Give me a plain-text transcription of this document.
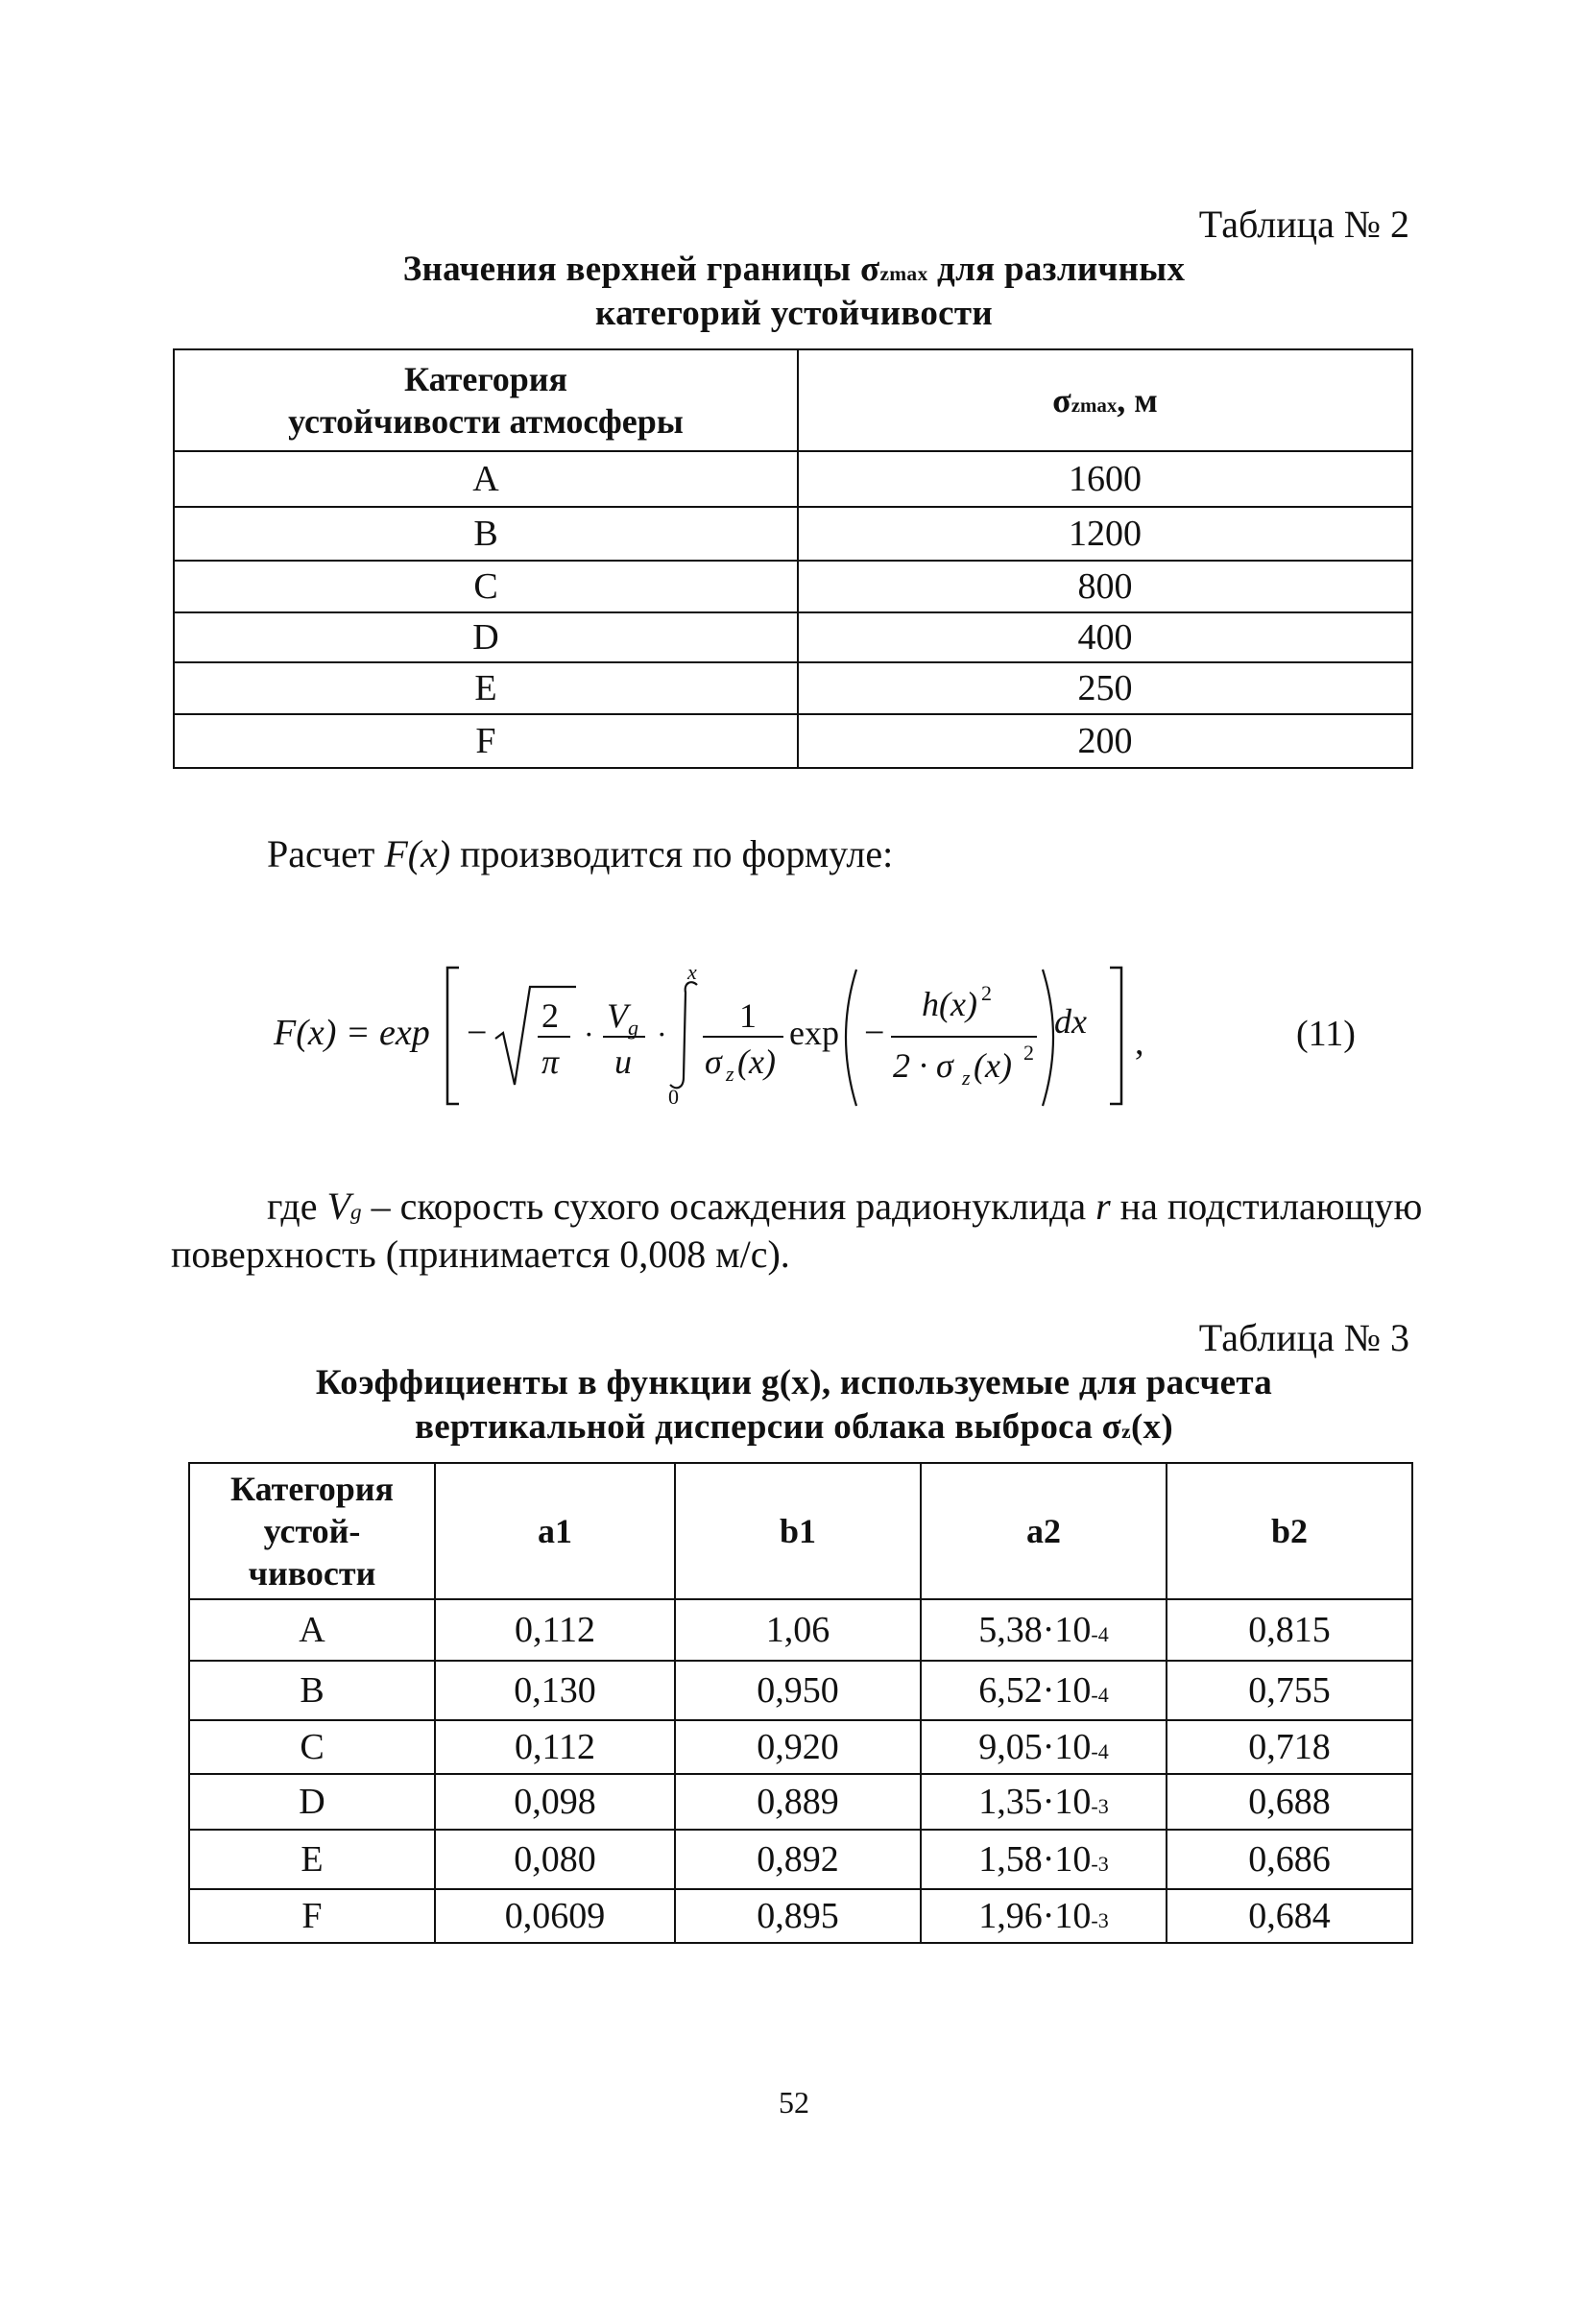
Таблица № 2
Значения верхней границы $\sigma_z^{max}$ для различных
категорий устойчивости
Категория
устойчивости атмосферы	$\sigma_z^{max}$, м
A	1600
B	1200
C	800
D	400
E	250
F	200
Расчет F(x) производится по формуле:
F(x) = exp − 2
π
· V g
u
·
x
0
1
σ z (x)
exp −
h(x) 2
2 · σ z (x) 2
dx
,	(11)
где $V_g$ – скорость сухого осаждения радионуклида r на подстилающую
поверхность (принимается 0,008 м/с).
Таблица № 3
Коэффициенты в функции g(x), используемые для расчета
вертикальной дисперсии облака выброса $\sigma_z(x)$
Категория
устой-
чивости	a1	b1	a2	b2
A	0,112	1,06	$5,38\cdot 10^{-4}$	0,815
B	0,130	0,950	$6,52\cdot 10^{-4}$	0,755
C	0,112	0,920	$9,05\cdot 10^{-4}$	0,718
D	0,098	0,889	$1,35\cdot 10^{-3}$	0,688
E	0,080	0,892	$1,58\cdot 10^{-3}$	0,686
F	0,0609	0,895	$1,96\cdot 10^{-3}$	0,684
52
